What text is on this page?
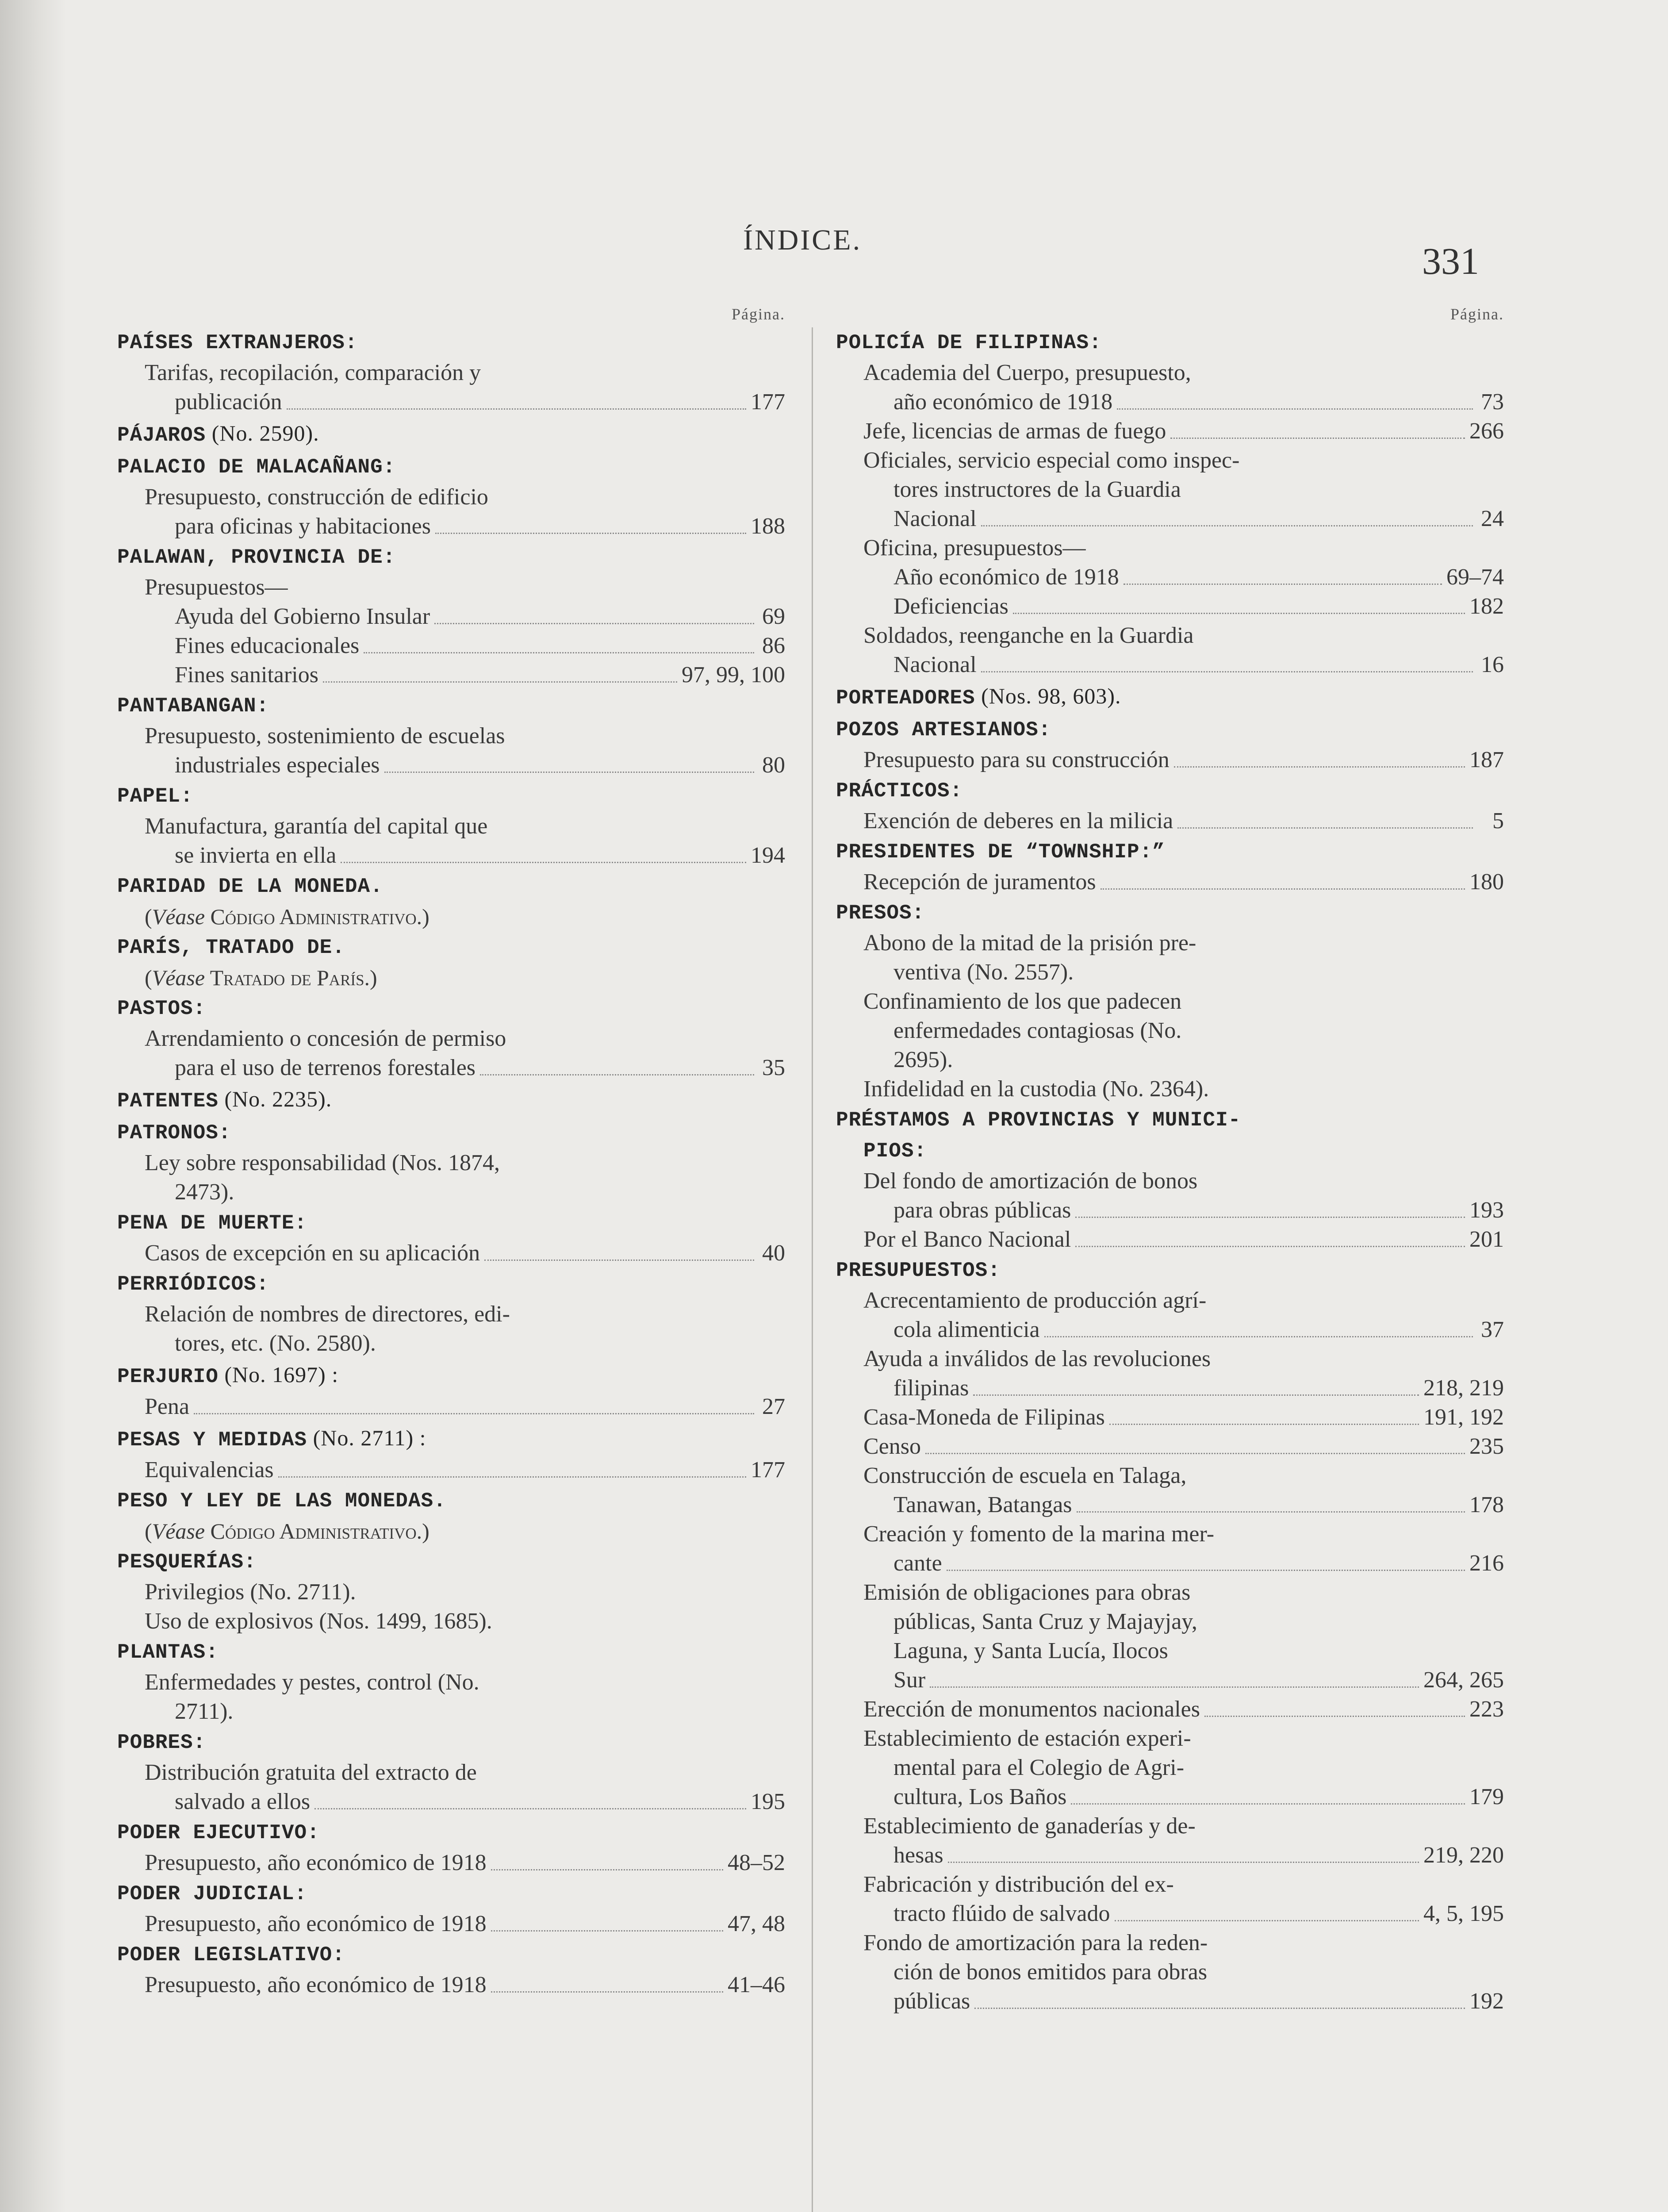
ÍNDICE.	331
Página.
PAÍSES EXTRANJEROS:
Tarifas, recopilación, comparación y
publicación	177
PÁJAROS (No. 2590).
PALACIO DE MALACAÑANG:
Presupuesto, construcción de edificio
para oficinas y habitaciones	188
PALAWAN, PROVINCIA DE:
Presupuestos—
Ayuda del Gobierno Insular	69
Fines educacionales	86
Fines sanitarios	97, 99, 100
PANTABANGAN:
Presupuesto, sostenimiento de escuelas
industriales especiales	80
PAPEL:
Manufactura, garantía del capital que
se invierta en ella	194
PARIDAD DE LA MONEDA.
(Véase Código Administrativo.)
PARÍS, TRATADO DE.
(Véase Tratado de París.)
PASTOS:
Arrendamiento o concesión de permiso
para el uso de terrenos forestales	35
PATENTES (No. 2235).
PATRONOS:
Ley sobre responsabilidad (Nos. 1874,
2473).
PENA DE MUERTE:
Casos de excepción en su aplicación	40
PERRIÓDICOS:
Relación de nombres de directores, edi-
tores, etc. (No. 2580).
PERJURIO (No. 1697) :
Pena	27
PESAS Y MEDIDAS (No. 2711) :
Equivalencias	177
PESO Y LEY DE LAS MONEDAS.
(Véase Código Administrativo.)
PESQUERÍAS:
Privilegios (No. 2711).
Uso de explosivos (Nos. 1499, 1685).
PLANTAS:
Enfermedades y pestes, control (No.
2711).
POBRES:
Distribución gratuita del extracto de
salvado a ellos	195
PODER EJECUTIVO:
Presupuesto, año económico de 1918	48–52
PODER JUDICIAL:
Presupuesto, año económico de 1918	47, 48
PODER LEGISLATIVO:
Presupuesto, año económico de 1918	41–46
Página.
POLICÍA DE FILIPINAS:
Academia del Cuerpo, presupuesto,
año económico de 1918	73
Jefe, licencias de armas de fuego	266
Oficiales, servicio especial como inspec-
tores instructores de la Guardia
Nacional	24
Oficina, presupuestos—
Año económico de 1918	69–74
Deficiencias	182
Soldados, reenganche en la Guardia
Nacional	16
PORTEADORES (Nos. 98, 603).
POZOS ARTESIANOS:
Presupuesto para su construcción	187
PRÁCTICOS:
Exención de deberes en la milicia	5
PRESIDENTES DE “TOWNSHIP:”
Recepción de juramentos	180
PRESOS:
Abono de la mitad de la prisión pre-
ventiva (No. 2557).
Confinamiento de los que padecen
enfermedades contagiosas (No.
2695).
Infidelidad en la custodia (No. 2364).
PRÉSTAMOS A PROVINCIAS Y MUNICI-
PIOS:
Del fondo de amortización de bonos
para obras públicas	193
Por el Banco Nacional	201
PRESUPUESTOS:
Acrecentamiento de producción agrí-
cola alimenticia	37
Ayuda a inválidos de las revoluciones
filipinas	218, 219
Casa-Moneda de Filipinas	191, 192
Censo	235
Construcción de escuela en Talaga,
Tanawan, Batangas	178
Creación y fomento de la marina mer-
cante	216
Emisión de obligaciones para obras
públicas, Santa Cruz y Majayjay,
Laguna, y Santa Lucía, Ilocos
Sur	264, 265
Erección de monumentos nacionales	223
Establecimiento de estación experi-
mental para el Colegio de Agri-
cultura, Los Baños	179
Establecimiento de ganaderías y de-
hesas	219, 220
Fabricación y distribución del ex-
tracto flúido de salvado	4, 5, 195
Fondo de amortización para la reden-
ción de bonos emitidos para obras
públicas	192
